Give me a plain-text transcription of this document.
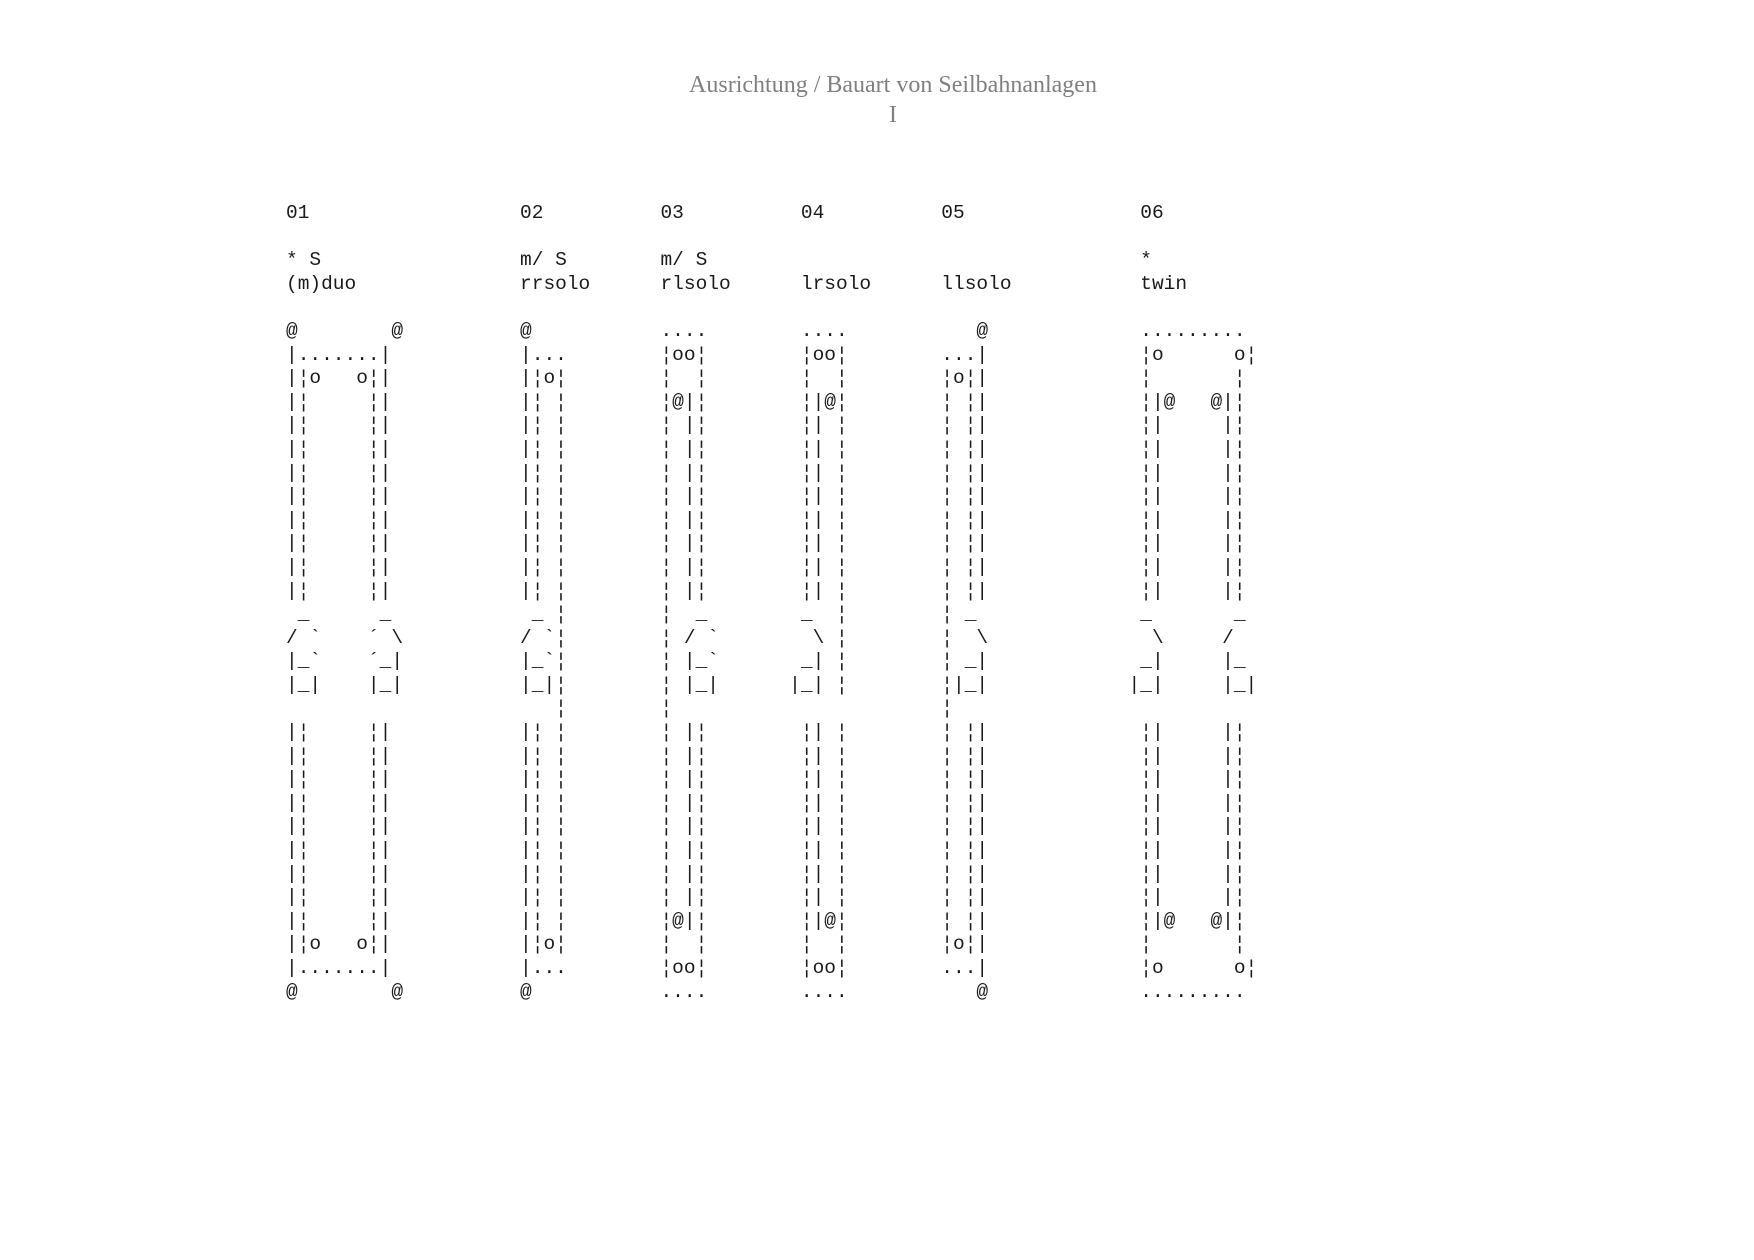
Ausrichtung / Bauart von Seilbahnanlagen
I
01                  02          03          04          05               06

* S                 m/ S        m/ S                                     *
(m)duo              rrsolo      rlsolo      lrsolo      llsolo           twin

@        @          @           ....        ....           @             .........
|.......|           |...        ¦oo¦        ¦oo¦        ...|             ¦o      o¦
|¦o   o¦|           |¦o¦        ¦  ¦        ¦  ¦        ¦o¦|             ¦       ¦
|¦     ¦|           |¦ ¦        ¦@|¦        ¦|@¦        ¦ ¦|             ¦|@   @|¦
|¦     ¦|           |¦ ¦        ¦ |¦        ¦| ¦        ¦ ¦|             ¦|     |¦
|¦     ¦|           |¦ ¦        ¦ |¦        ¦| ¦        ¦ ¦|             ¦|     |¦
|¦     ¦|           |¦ ¦        ¦ |¦        ¦| ¦        ¦ ¦|             ¦|     |¦
|¦     ¦|           |¦ ¦        ¦ |¦        ¦| ¦        ¦ ¦|             ¦|     |¦
|¦     ¦|           |¦ ¦        ¦ |¦        ¦| ¦        ¦ ¦|             ¦|     |¦
|¦     ¦|           |¦ ¦        ¦ |¦        ¦| ¦        ¦ ¦|             ¦|     |¦
|¦     ¦|           |¦ ¦        ¦ |¦        ¦| ¦        ¦ ¦|             ¦|     |¦
|¦     ¦|           |¦ ¦        ¦ |¦        ¦| ¦        ¦ ¦|             ¦|     |¦
_      _            _ ¦        ¦  _        _  ¦        ¦ _              _       _
/ `    ´ \          / `¦        ¦ / `        \ ¦        ¦  \              \     /
|_`    ´_|          |_`¦        ¦ |_`       _| ¦        ¦ _|             _|     |_
|_|    |_|          |_|¦        ¦ |_|      |_| ¦        ¦|_|            |_|     |_|
¦        ¦                       ¦
|¦     ¦|           |¦ ¦        ¦ |¦        ¦| ¦        ¦ ¦|             ¦|     |¦
|¦     ¦|           |¦ ¦        ¦ |¦        ¦| ¦        ¦ ¦|             ¦|     |¦
|¦     ¦|           |¦ ¦        ¦ |¦        ¦| ¦        ¦ ¦|             ¦|     |¦
|¦     ¦|           |¦ ¦        ¦ |¦        ¦| ¦        ¦ ¦|             ¦|     |¦
|¦     ¦|           |¦ ¦        ¦ |¦        ¦| ¦        ¦ ¦|             ¦|     |¦
|¦     ¦|           |¦ ¦        ¦ |¦        ¦| ¦        ¦ ¦|             ¦|     |¦
|¦     ¦|           |¦ ¦        ¦ |¦        ¦| ¦        ¦ ¦|             ¦|     |¦
|¦     ¦|           |¦ ¦        ¦ |¦        ¦| ¦        ¦ ¦|             ¦|     |¦
|¦     ¦|           |¦ ¦        ¦@|¦        ¦|@¦        ¦ ¦|             ¦|@   @|¦
|¦o   o¦|           |¦o¦        ¦  ¦        ¦  ¦        ¦o¦|             ¦       ¦
|.......|           |...        ¦oo¦        ¦oo¦        ...|             ¦o      o¦
@        @          @           ....        ....           @             .........
